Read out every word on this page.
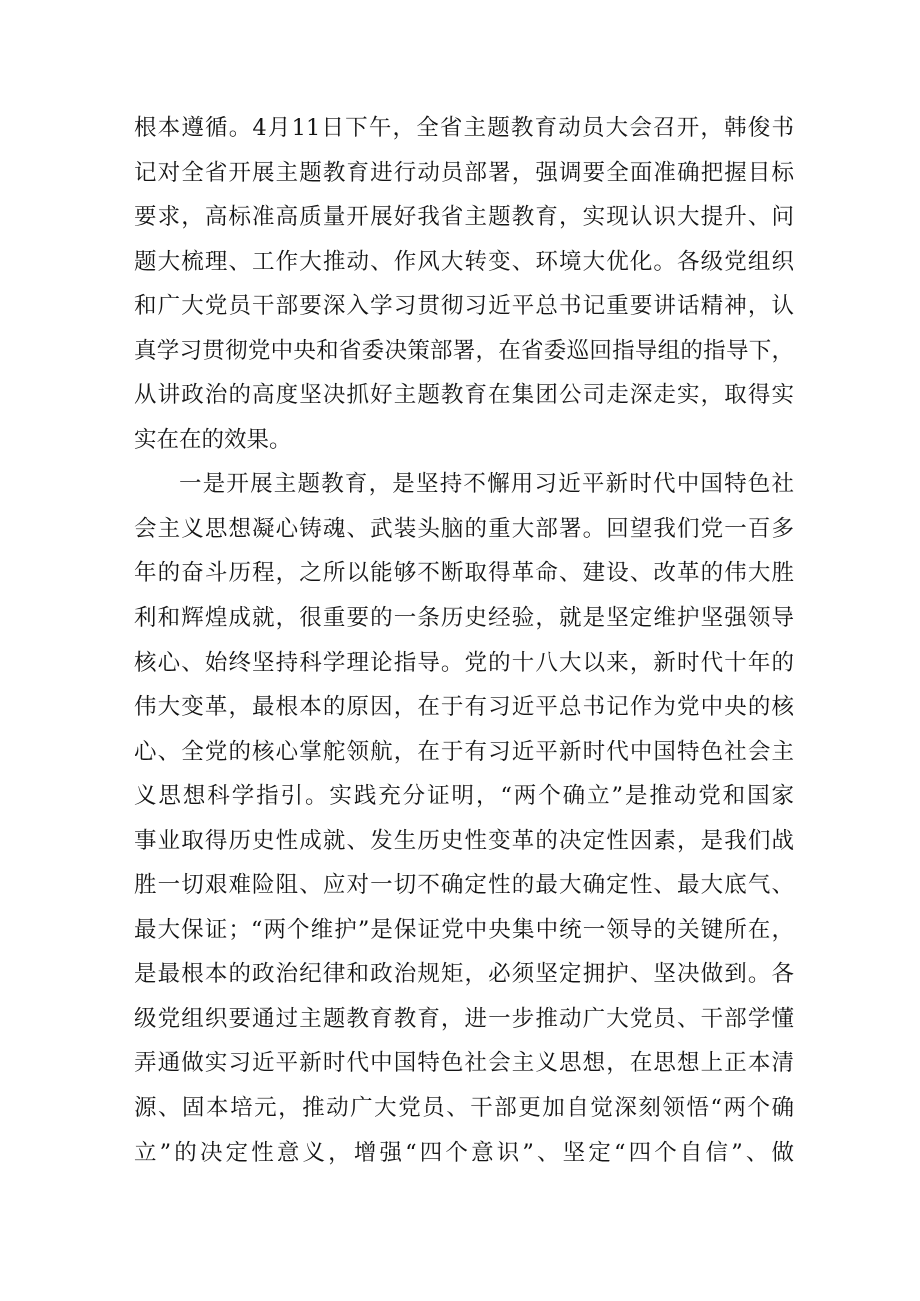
根本遵循。4月11日下午，全省主题教育动员大会召开，韩俊书
记对全省开展主题教育进行动员部署，强调要全面准确把握目标
要求，高标准高质量开展好我省主题教育，实现认识大提升、问
题大梳理、工作大推动、作风大转变、环境大优化。各级党组织
和广大党员干部要深入学习贯彻习近平总书记重要讲话精神，认
真学习贯彻党中央和省委决策部署，在省委巡回指导组的指导下，
从讲政治的高度坚决抓好主题教育在集团公司走深走实，取得实
实在在的效果。
一是开展主题教育，是坚持不懈用习近平新时代中国特色社
会主义思想凝心铸魂、武装头脑的重大部署。回望我们党一百多
年的奋斗历程，之所以能够不断取得革命、建设、改革的伟大胜
利和辉煌成就，很重要的一条历史经验，就是坚定维护坚强领导
核心、始终坚持科学理论指导。党的十八大以来，新时代十年的
伟大变革，最根本的原因，在于有习近平总书记作为党中央的核
心、全党的核心掌舵领航，在于有习近平新时代中国特色社会主
义思想科学指引。实践充分证明，“两个确立”是推动党和国家
事业取得历史性成就、发生历史性变革的决定性因素，是我们战
胜一切艰难险阻、应对一切不确定性的最大确定性、最大底气、
最大保证；“两个维护”是保证党中央集中统一领导的关键所在，
是最根本的政治纪律和政治规矩，必须坚定拥护、坚决做到。各
级党组织要通过主题教育教育，进一步推动广大党员、干部学懂
弄通做实习近平新时代中国特色社会主义思想，在思想上正本清
源、固本培元，推动广大党员、干部更加自觉深刻领悟“两个确
立”的决定性意义，增强“四个意识”、坚定“四个自信”、做
